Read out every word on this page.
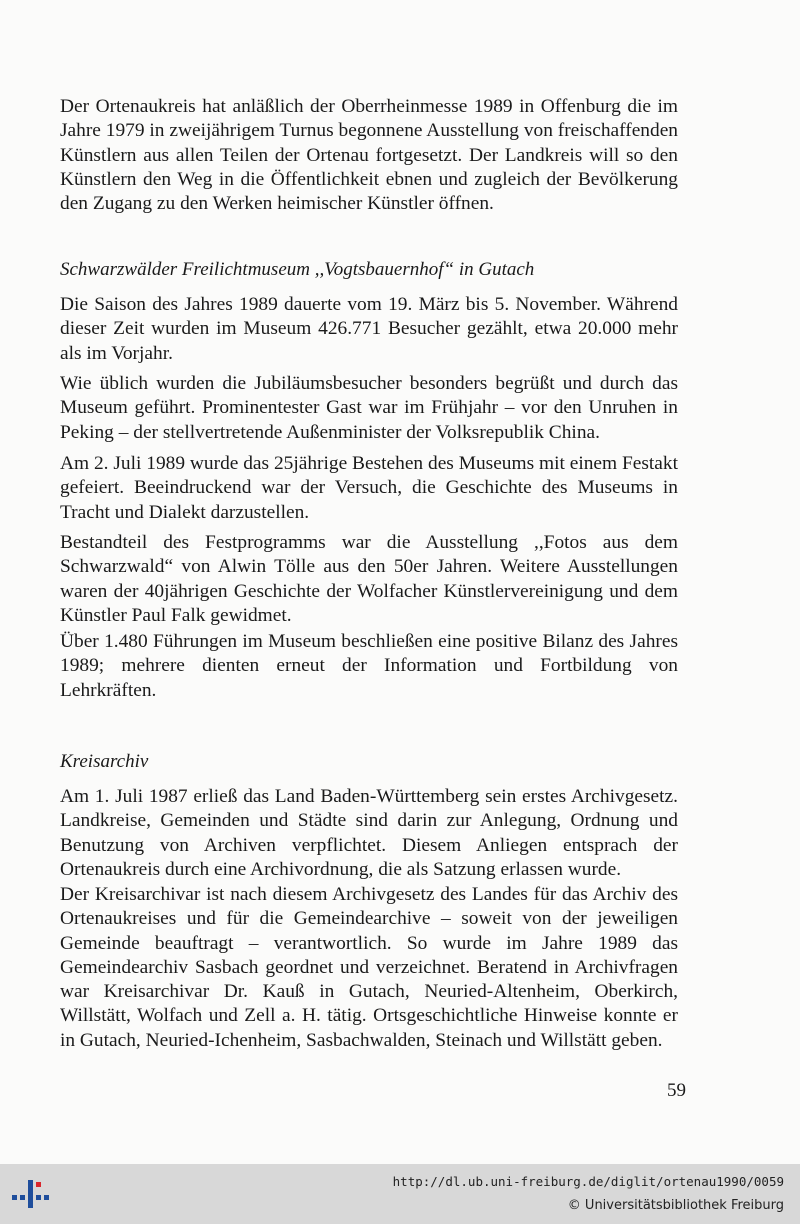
Der Ortenaukreis hat anläßlich der Oberrheinmesse 1989 in Offenburg die im Jahre 1979 in zweijährigem Turnus begonnene Ausstellung von freischaffenden Künstlern aus allen Teilen der Ortenau fortgesetzt. Der Landkreis will so den Künstlern den Weg in die Öffentlichkeit ebnen und zugleich der Bevölkerung den Zugang zu den Werken heimischer Künstler öffnen.

Schwarzwälder Freilichtmuseum ,,Vogtsbauernhof“ in Gutach

Die Saison des Jahres 1989 dauerte vom 19. März bis 5. November. Während dieser Zeit wurden im Museum 426.771 Besucher gezählt, etwa 20.000 mehr als im Vorjahr.

Wie üblich wurden die Jubiläumsbesucher besonders begrüßt und durch das Museum geführt. Prominentester Gast war im Frühjahr – vor den Unruhen in Peking – der stellvertretende Außenminister der Volksrepublik China.

Am 2. Juli 1989 wurde das 25jährige Bestehen des Museums mit einem Festakt gefeiert. Beeindruckend war der Versuch, die Geschichte des Museums in Tracht und Dialekt darzustellen.

Bestandteil des Festprogramms war die Ausstellung ,,Fotos aus dem Schwarzwald“ von Alwin Tölle aus den 50er Jahren. Weitere Ausstellungen waren der 40jährigen Geschichte der Wolfacher Künstlervereinigung und dem Künstler Paul Falk gewidmet.

Über 1.480 Führungen im Museum beschließen eine positive Bilanz des Jahres 1989; mehrere dienten erneut der Information und Fortbildung von Lehrkräften.

Kreisarchiv

Am 1. Juli 1987 erließ das Land Baden-Württemberg sein erstes Archivgesetz. Landkreise, Gemeinden und Städte sind darin zur Anlegung, Ordnung und Benutzung von Archiven verpflichtet. Diesem Anliegen entsprach der Ortenaukreis durch eine Archivordnung, die als Satzung erlassen wurde.

Der Kreisarchivar ist nach diesem Archivgesetz des Landes für das Archiv des Ortenaukreises und für die Gemeindearchive – soweit von der jeweiligen Gemeinde beauftragt – verantwortlich. So wurde im Jahre 1989 das Gemeindearchiv Sasbach geordnet und verzeichnet. Beratend in Archivfragen war Kreisarchivar Dr. Kauß in Gutach, Neuried-Altenheim, Oberkirch, Willstätt, Wolfach und Zell a. H. tätig. Ortsgeschichtliche Hinweise konnte er in Gutach, Neuried-Ichenheim, Sasbachwalden, Steinach und Willstätt geben.

59

http://dl.ub.uni-freiburg.de/diglit/ortenau1990/0059
© Universitätsbibliothek Freiburg
